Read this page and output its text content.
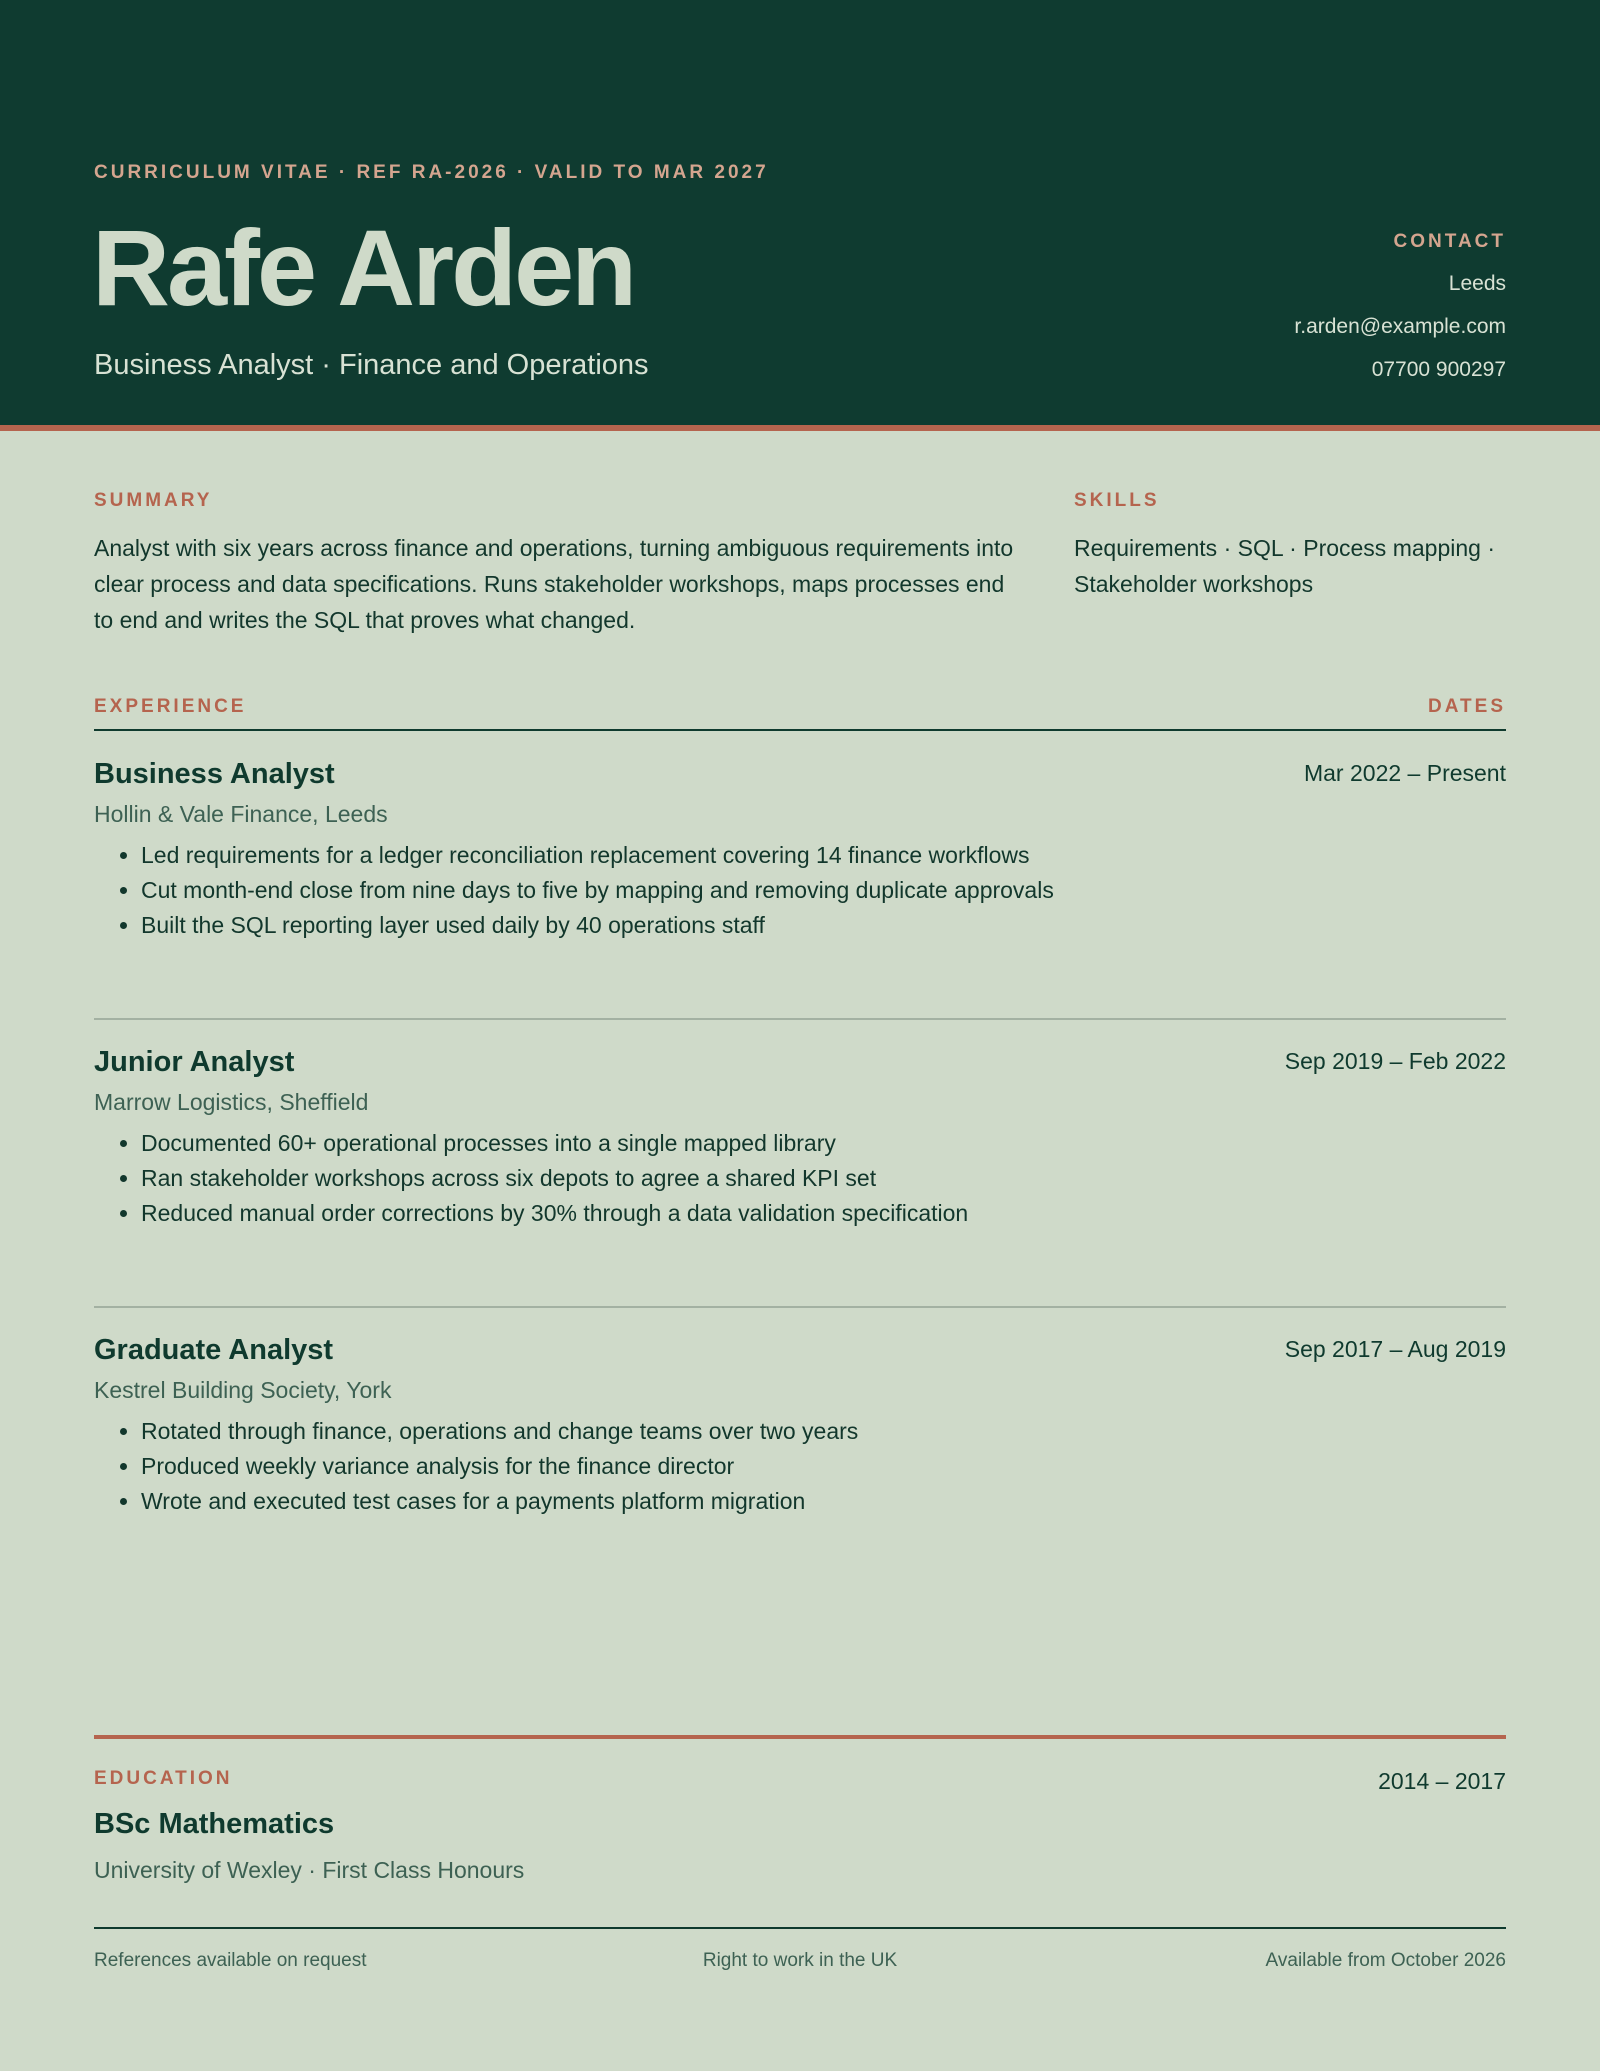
CURRICULUM VITAE · REF RA-2026 · VALID TO MAR 2027
Rafe Arden
Business Analyst · Finance and Operations
CONTACT
Leeds
r.arden@example.com
07700 900297
SUMMARY

Analyst with six years across finance and operations, turning ambiguous requirements into clear process and data specifications. Runs stakeholder workshops, maps processes end to end and writes the SQL that proves what changed.

SKILLS

Requirements · SQL · Process mapping · Stakeholder workshops

EXPERIENCE	DATES
Business Analyst	Mar 2022 – Present
Hollin & Vale Finance, Leeds
• Led requirements for a ledger reconciliation replacement covering 14 finance workflows
• Cut month-end close from nine days to five by mapping and removing duplicate approvals
• Built the SQL reporting layer used daily by 40 operations staff
Junior Analyst	Sep 2019 – Feb 2022
Marrow Logistics, Sheffield
• Documented 60+ operational processes into a single mapped library
• Ran stakeholder workshops across six depots to agree a shared KPI set
• Reduced manual order corrections by 30% through a data validation specification
Graduate Analyst	Sep 2017 – Aug 2019
Kestrel Building Society, York
• Rotated through finance, operations and change teams over two years
• Produced weekly variance analysis for the finance director
• Wrote and executed test cases for a payments platform migration
EDUCATION	2014 – 2017
BSc Mathematics
University of Wexley · First Class Honours
References available on request	Right to work in the UK	Available from October 2026
